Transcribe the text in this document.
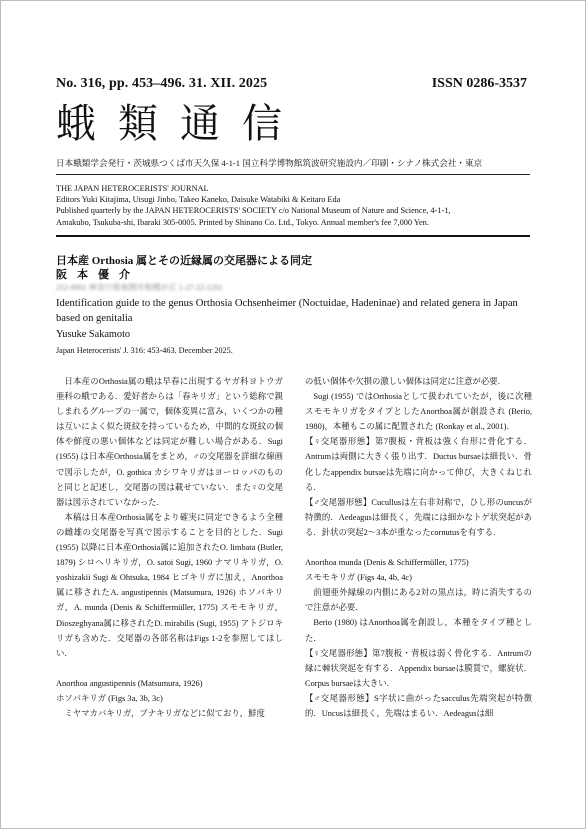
No. 316, pp. 453–496. 31. XII. 2025	ISSN 0286-3537
蛾類通信
日本蛾類学会発行・茨城県つくば市天久保 4-1-1 国立科学博物館筑波研究施設内／印刷・シナノ株式会社・東京
THE JAPAN HETEROCERISTS' JOURNAL
Editors Yuki Kitajima, Utsugi Jinbo, Takeo Kaneko, Daisuke Watabiki & Keitaro Eda
Published quarterly by the JAPAN HETEROCERISTS' SOCIETY c/o National Museum of Nature and Science, 4-1-1,
Amakubo, Tsukuba-shi, Ibaraki 305-0005. Printed by Shinano Co. Ltd., Tokyo. Annual member's fee 7,000 Yen.
日本産 Orthosia 属とその近縁属の交尾器による同定
阪本優介
252-0001 神奈川県座間市相模が丘 1-27-22-1201
Identification guide to the genus Orthosia Ochsenheimer (Noctuidae, Hadeninae) and related genera in Japan based on genitalia
Yusuke Sakamoto
Japan Heterocerists' J. 316: 453-463. December 2025.

日本産のOrthosia属の蛾は早春に出現するヤガ科ヨトウガ亜科の蛾である．愛好者からは「春キリガ」という総称で親しまれるグループの一属で，個体変異に富み，いくつかの種は互いによく似た斑紋を持っているため，中間的な斑紋の個体や鮮度の悪い個体などは同定が難しい場合がある．Sugi (1955) は日本産Orthosia属をまとめ，♂の交尾器を詳細な線画で図示したが，O. gothica カシワキリガはヨーロッパのものと同じと記述し，交尾器の図は載せていない．また♀の交尾器は図示されていなかった．

本稿は日本産Orthosia属をより確実に同定できるよう全種の雌雄の交尾器を写真で図示することを目的とした．Sugi (1955) 以降に日本産Orthosia属に追加されたO. limbata (Butler, 1879) シロヘリキリガ，O. satoi Sugi, 1960 ナマリキリガ，O. yoshizakii Sugi & Ohtsuka, 1984 ヒゴキリガに加え，Anorthoa属に移されたA. angustipennis (Matsumura, 1926) ホソバキリガ，A. munda (Denis & Schiffermüller, 1775) スモモキリガ，Dioszeghyana属に移されたD. mirabilis (Sugi, 1955) アトジロキリガも含めた．交尾器の各部名称はFigs 1-2を参照してほしい．

Anorthoa angustipennis (Matsumura, 1926)

ホソバキリガ (Figs 3a, 3b, 3c)

ミヤマカバキリガ，ブナキリガなどに似ており，鮮度

の低い個体や欠損の激しい個体は同定に注意が必要．

Sugi (1955) ではOrthosiaとして扱われていたが，後に次種スモモキリガをタイプとしたAnorthoa属が創設され (Berio, 1980)，本種もこの属に配置された (Ronkay et al., 2001)．

【♀交尾器形態】第7腹板・背板は強く台形に骨化する．Antrumは両側に大きく張り出す．Ductus bursaeは細長い．骨化したappendix bursaeは先端に向かって伸び，大きくねじれる．

【♂交尾器形態】Cucullusは左右非対称で，ひし形のuncusが特徴的．Aedeagusは細長く，先端には細かなトゲ状突起がある．針状の突起2～3本が重なったcornutusを有する．

Anorthoa munda (Denis & Schiffermüller, 1775)

スモモキリガ (Figs 4a, 4b, 4c)

前翅亜外縁線の内側にある2対の黒点は，時に消失するので注意が必要．

Berio (1980) はAnorthoa属を創設し，本種をタイプ種とした．

【♀交尾器形態】第7腹板・背板は弱く骨化する．Antrumの縁に棘状突起を有する．Appendix bursaeは膜質で，螺旋状．Corpus bursaeは大きい．

【♂交尾器形態】S字状に曲がったsacculus先端突起が特徴的．Uncusは細長く，先端はまるい．Aedeagusは細
